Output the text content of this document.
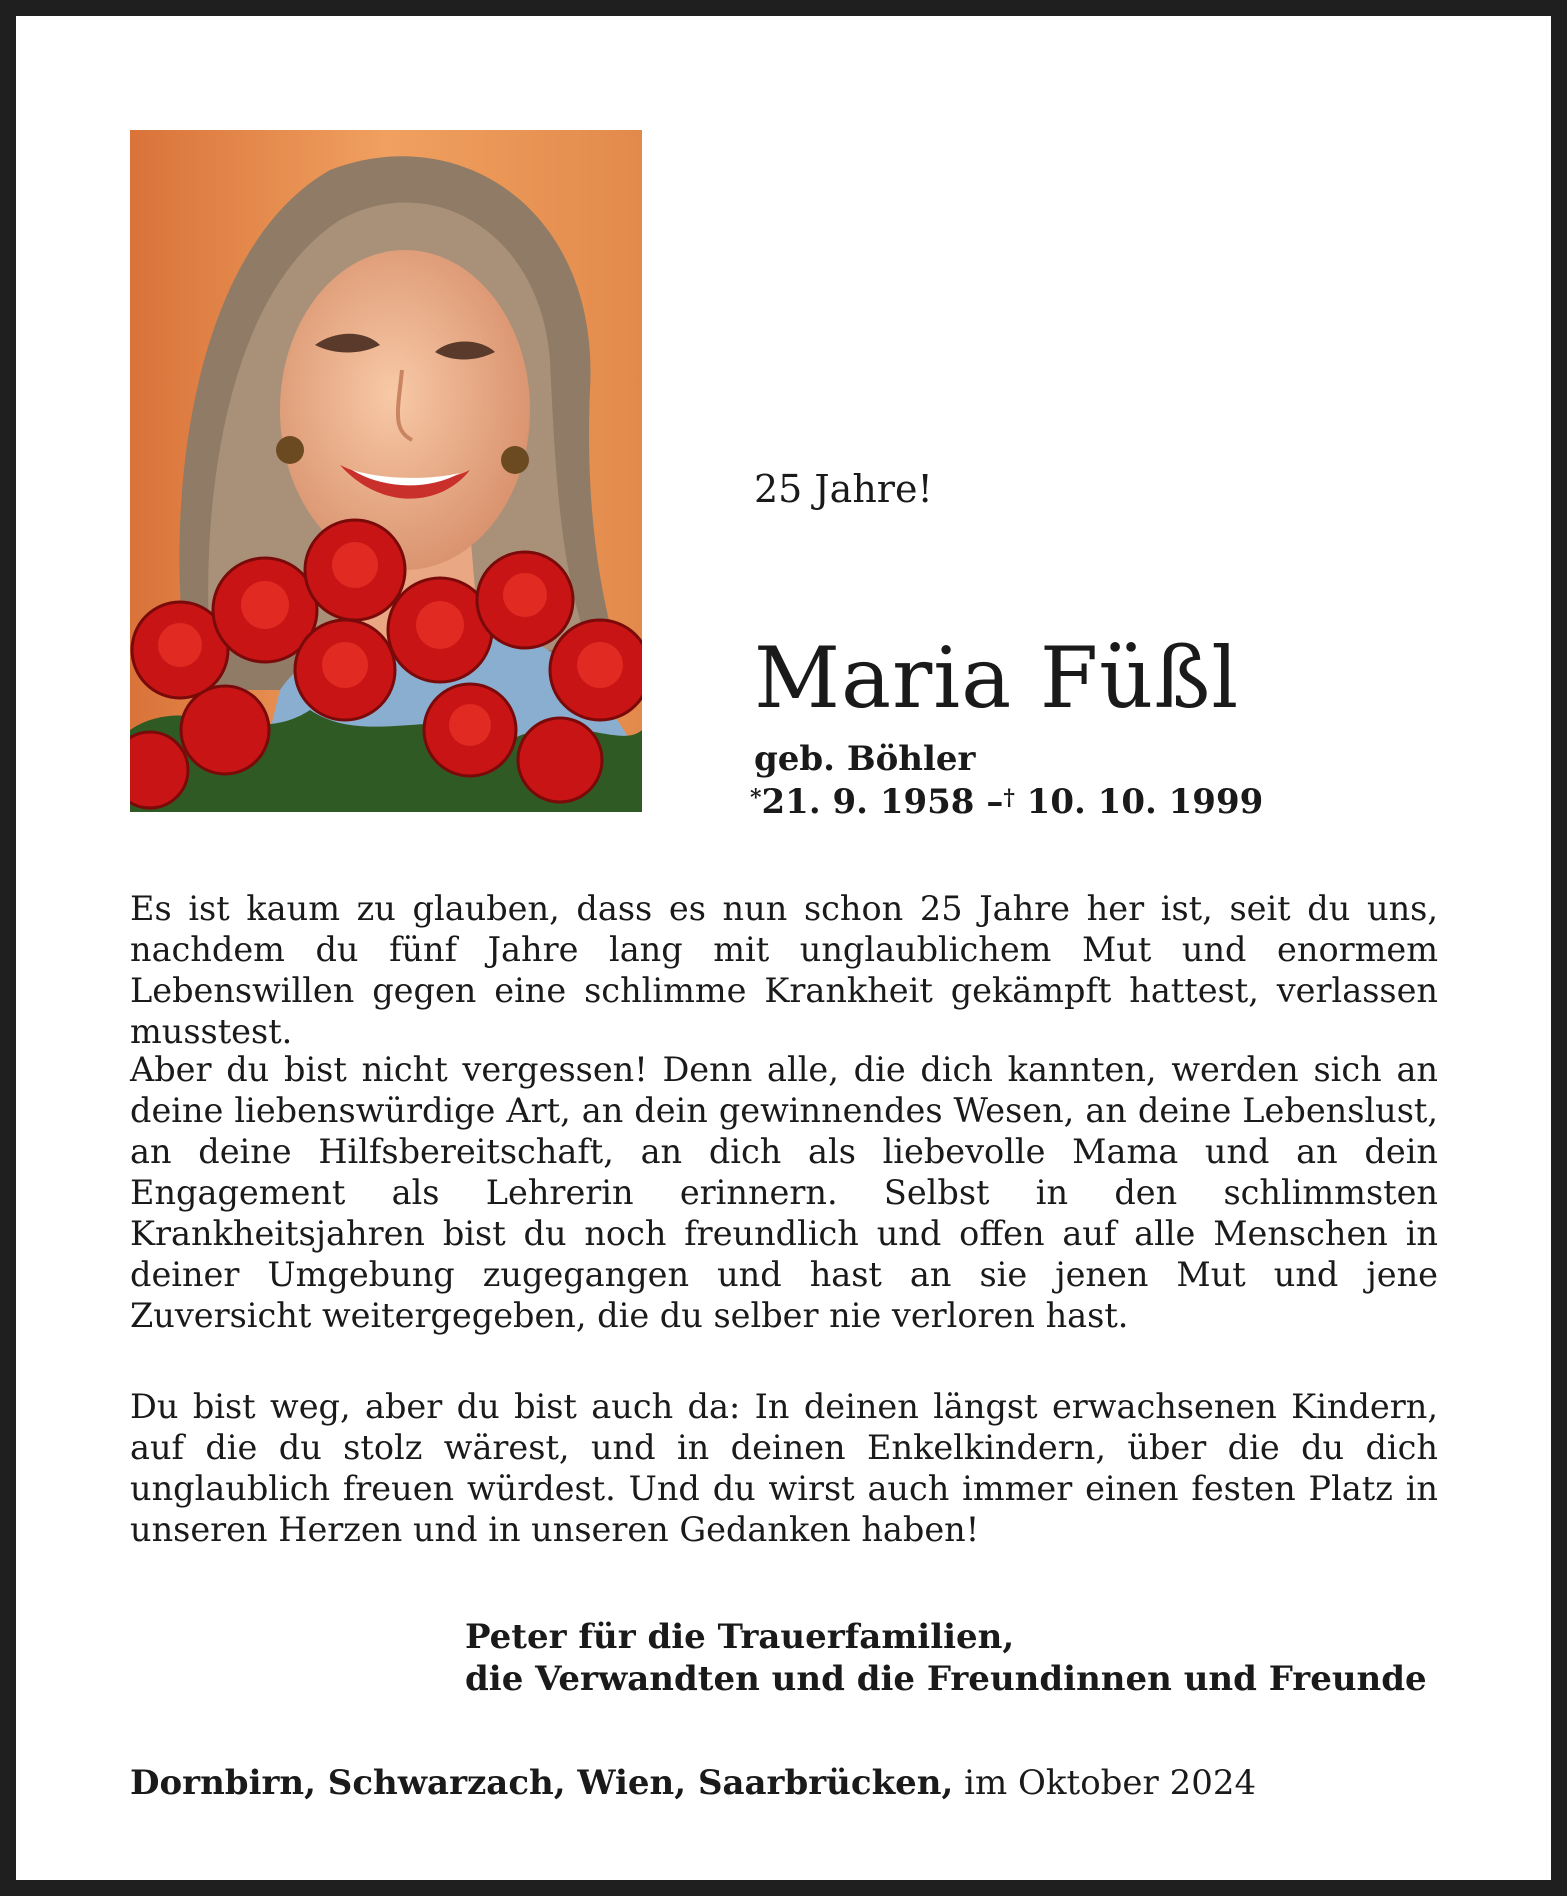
25 Jahre!
Maria Füßl
geb. Böhler
*21. 9. 1958 –† 10. 10. 1999

Es ist kaum zu glauben, dass es nun schon 25 Jahre her ist, seit du uns, nachdem du fünf Jahre lang mit unglaublichem Mut und enormem Lebenswillen gegen eine schlimme Krankheit gekämpft hattest, verlassen musstest.

Aber du bist nicht vergessen! Denn alle, die dich kannten, werden sich an deine liebenswürdige Art, an dein gewinnendes Wesen, an deine Lebenslust, an deine Hilfsbereitschaft, an dich als liebevolle Mama und an dein Engagement als Lehrerin erinnern. Selbst in den schlimmsten Krankheitsjahren bist du noch freundlich und offen auf alle Menschen in deiner Umgebung zugegangen und hast an sie jenen Mut und jene Zuversicht weitergegeben, die du selber nie verloren hast.

Du bist weg, aber du bist auch da: In deinen längst erwachsenen Kindern, auf die du stolz wärest, und in deinen Enkelkindern, über die du dich unglaublich freuen würdest. Und du wirst auch immer einen festen Platz in unseren Herzen und in unseren Gedanken haben!

Peter für die Trauerfamilien,
die Verwandten und die Freundinnen und Freunde
Dornbirn, Schwarzach, Wien, Saarbrücken, im Oktober 2024
